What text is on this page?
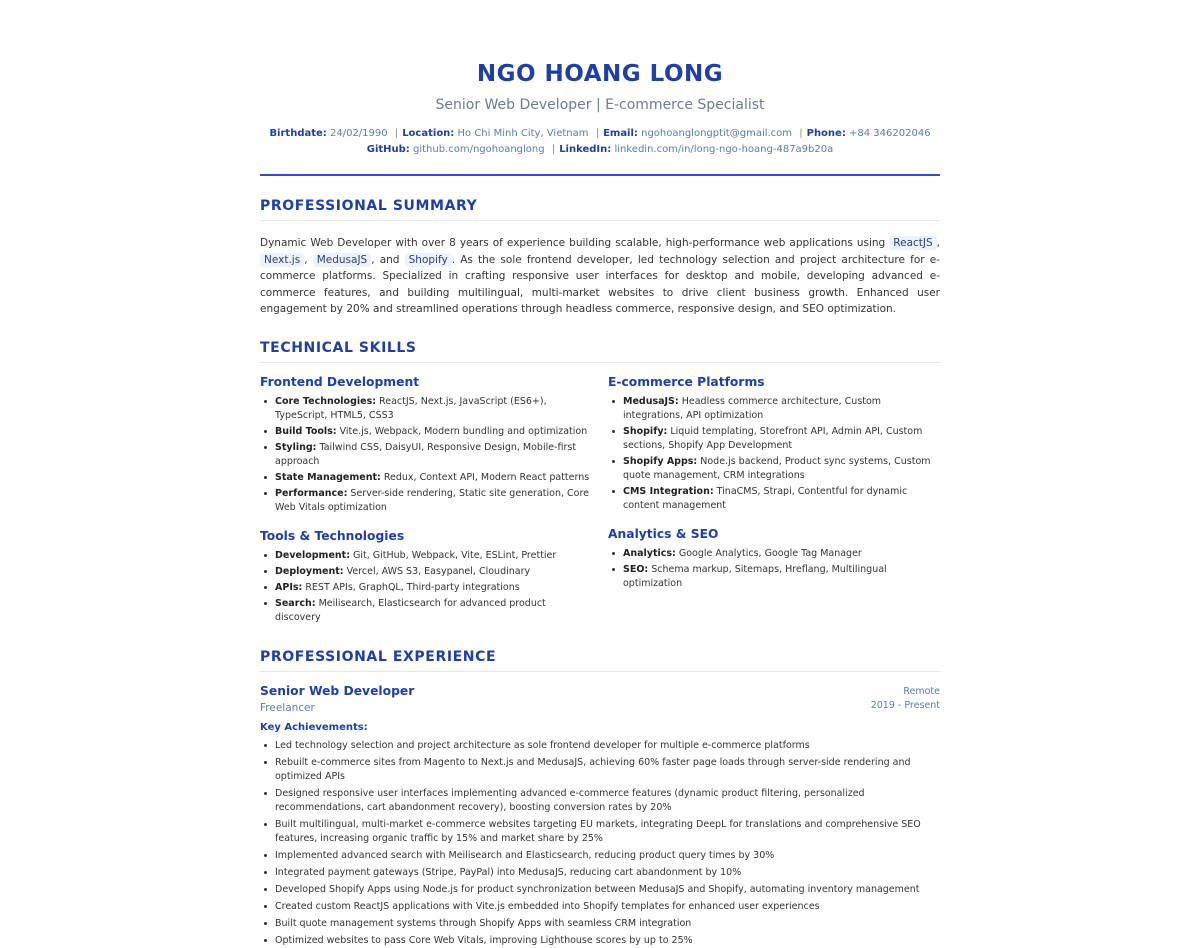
NGO HOANG LONG
Senior Web Developer | E-commerce Specialist
Birthdate: 24/02/1990 | Location: Ho Chi Minh City, Vietnam | Email: ngohoanglongptit@gmail.com | Phone: +84 346202046
GitHub: github.com/ngohoanglong | LinkedIn: linkedin.com/in/long-ngo-hoang-487a9b20a
PROFESSIONAL SUMMARY
Dynamic Web Developer with over 8 years of experience building scalable, high-performance web applications using ReactJS , Next.js , MedusaJS , and Shopify . As the sole frontend developer, led technology selection and project architecture for e-commerce platforms. Specialized in crafting responsive user interfaces for desktop and mobile, developing advanced e-commerce features, and building multilingual, multi-market websites to drive client business growth. Enhanced user engagement by 20% and streamlined operations through headless commerce, responsive design, and SEO optimization.
TECHNICAL SKILLS
Frontend Development
Core Technologies: ReactJS, Next.js, JavaScript (ES6+), TypeScript, HTML5, CSS3
Build Tools: Vite.js, Webpack, Modern bundling and optimization
Styling: Tailwind CSS, DaisyUI, Responsive Design, Mobile-first approach
State Management: Redux, Context API, Modern React patterns
Performance: Server-side rendering, Static site generation, Core Web Vitals optimization
Tools & Technologies
Development: Git, GitHub, Webpack, Vite, ESLint, Prettier
Deployment: Vercel, AWS S3, Easypanel, Cloudinary
APIs: REST APIs, GraphQL, Third-party integrations
Search: Meilisearch, Elasticsearch for advanced product discovery
E-commerce Platforms
MedusaJS: Headless commerce architecture, Custom integrations, API optimization
Shopify: Liquid templating, Storefront API, Admin API, Custom sections, Shopify App Development
Shopify Apps: Node.js backend, Product sync systems, Custom quote management, CRM integrations
CMS Integration: TinaCMS, Strapi, Contentful for dynamic content management
Analytics & SEO
Analytics: Google Analytics, Google Tag Manager
SEO: Schema markup, Sitemaps, Hreflang, Multilingual optimization
PROFESSIONAL EXPERIENCE
Senior Web Developer
Freelancer
Remote
2019 - Present
Key Achievements:
Led technology selection and project architecture as sole frontend developer for multiple e-commerce platforms
Rebuilt e-commerce sites from Magento to Next.js and MedusaJS, achieving 60% faster page loads through server-side rendering and optimized APIs
Designed responsive user interfaces implementing advanced e-commerce features (dynamic product filtering, personalized recommendations, cart abandonment recovery), boosting conversion rates by 20%
Built multilingual, multi-market e-commerce websites targeting EU markets, integrating DeepL for translations and comprehensive SEO features, increasing organic traffic by 15% and market share by 25%
Implemented advanced search with Meilisearch and Elasticsearch, reducing product query times by 30%
Integrated payment gateways (Stripe, PayPal) into MedusaJS, reducing cart abandonment by 10%
Developed Shopify Apps using Node.js for product synchronization between MedusaJS and Shopify, automating inventory management
Created custom ReactJS applications with Vite.js embedded into Shopify templates for enhanced user experiences
Built quote management systems through Shopify Apps with seamless CRM integration
Optimized websites to pass Core Web Vitals, improving Lighthouse scores by up to 25%
